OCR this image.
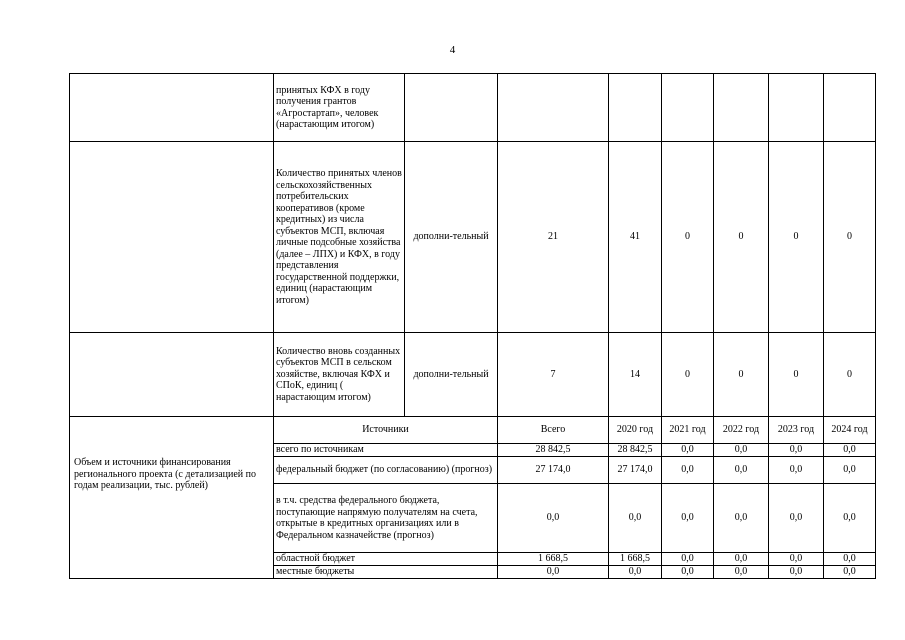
4
	принятых КФХ в году получения грантов «Агростартап», человек (нарастающим итогом)							
	Количество принятых членов сельскохозяйственных потребительских кооперативов (кроме кредитных) из числа субъектов МСП, включая личные подсобные хозяйства (далее – ЛПХ) и КФХ, в году представления государственной поддержки, единиц (нарастающим итогом)	дополни-тельный	21	41	0	0	0	0
	Количество вновь созданных субъектов МСП в сельском хозяйстве, включая КФХ и СПоК, единиц ( нарастающим итогом)	дополни-тельный	7	14	0	0	0	0
Объем и источники финансирования регионального проекта (с детализацией по годам реализации, тыс. рублей)	Источники		Всего	2020 год	2021 год	2022 год	2023 год	2024 год
	всего по источникам		28 842,5	28 842,5	0,0	0,0	0,0	0,0
	федеральный бюджет (по согласованию) (прогноз)		27 174,0	27 174,0	0,0	0,0	0,0	0,0
	в т.ч. средства федерального бюджета, поступающие напрямую получателям на счета, открытые в кредитных организациях или в Федеральном казначействе (прогноз)		0,0	0,0	0,0	0,0	0,0	0,0
	областной бюджет		1 668,5	1 668,5	0,0	0,0	0,0	0,0
	местные бюджеты		0,0	0,0	0,0	0,0	0,0	0,0
